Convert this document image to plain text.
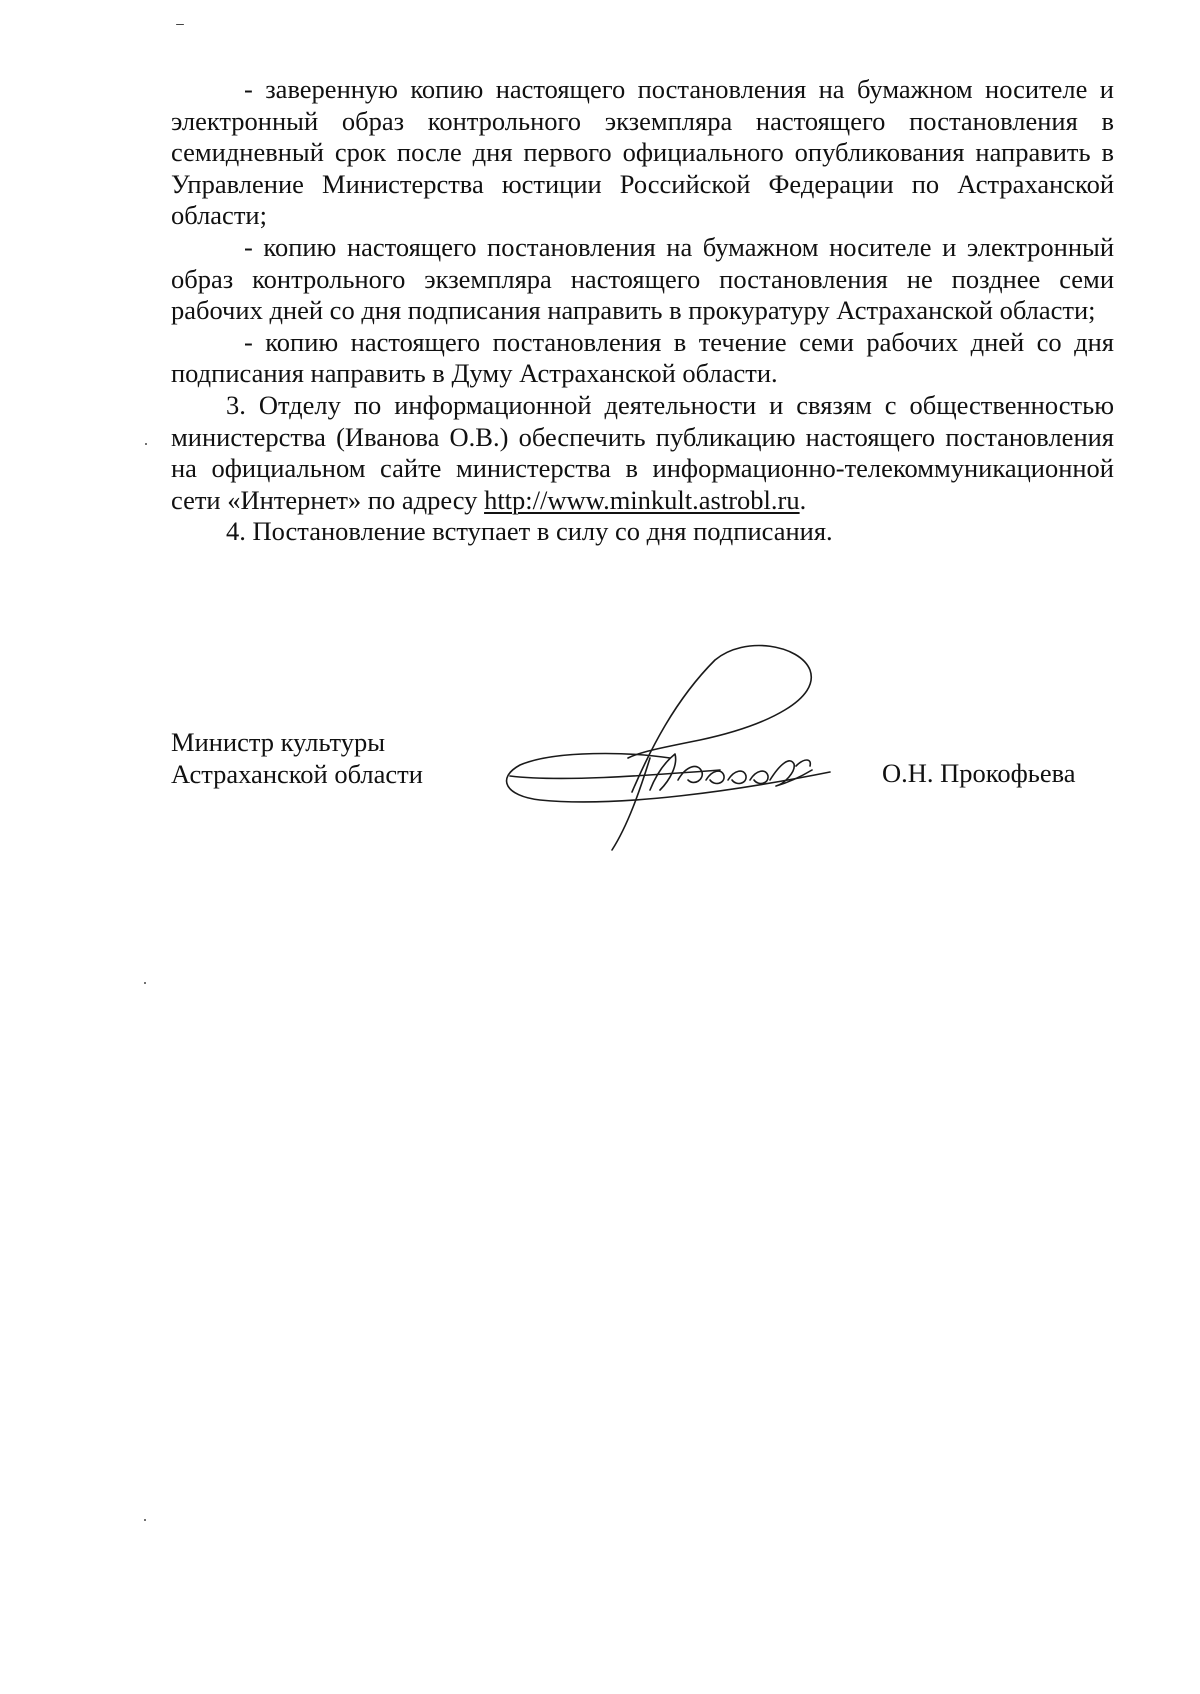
- заверенную копию настоящего постановления на бумажном носителе и электронный образ контрольного экземпляра настоящего постановления в семидневный срок после дня первого официального опубликования направить в Управление Министерства юстиции Российской Федерации по Астраханской области;

- копию настоящего постановления на бумажном носителе и электронный образ контрольного экземпляра настоящего постановления не позднее семи рабочих дней со дня подписания направить в прокуратуру Астраханской области;

- копию настоящего постановления в течение семи рабочих дней со дня подписания направить в Думу Астраханской области.

3. Отделу по информационной деятельности и связям с общественностью министерства (Иванова О.В.) обеспечить публикацию настоящего постановления на официальном сайте министерства в информационно-телекоммуникационной сети «Интернет» по адресу http://www.minkult.astrobl.ru.

4. Постановление вступает в силу со дня подписания.

Министр культуры
Астраханской области	О.Н. Прокофьева
